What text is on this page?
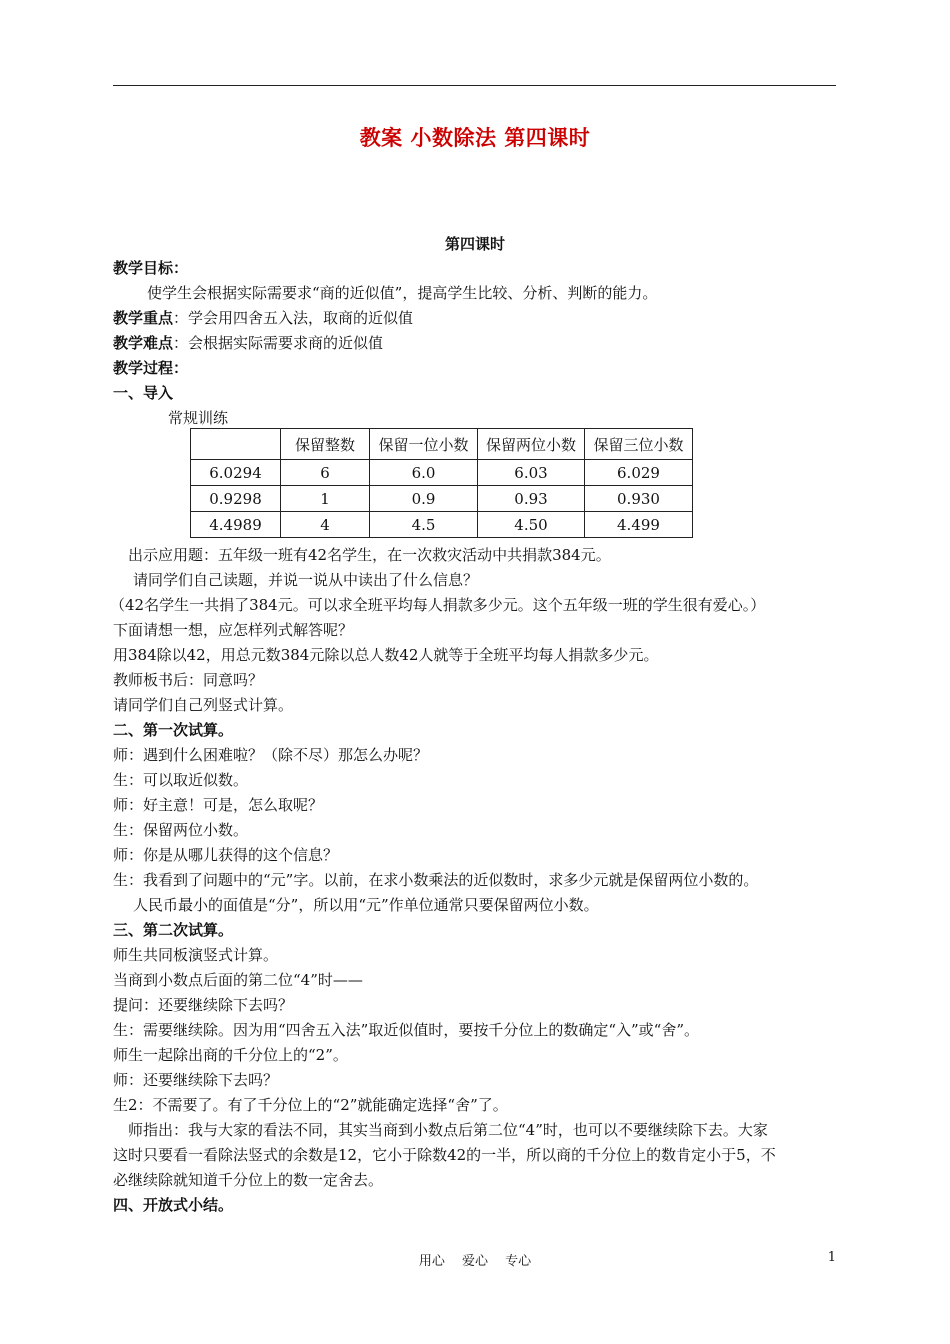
教案 小数除法 第四课时
第四课时
教学目标：
使学生会根据实际需要求“商的近似值”，提高学生比较、分析、判断的能力。
教学重点：学会用四舍五入法，取商的近似值
教学难点：会根据实际需要求商的近似值
教学过程：
一、导入
常规训练
	保留整数	保留一位小数	保留两位小数	保留三位小数
6.0294	6	6.0	6.03	6.029
0.9298	1	0.9	0.93	0.930
4.4989	4	4.5	4.50	4.499
出示应用题：五年级一班有42名学生，在一次救灾活动中共捐款384元。
请同学们自己读题，并说一说从中读出了什么信息？
（42名学生一共捐了384元。可以求全班平均每人捐款多少元。这个五年级一班的学生很有爱心。）
下面请想一想，应怎样列式解答呢？
用384除以42，用总元数384元除以总人数42人就等于全班平均每人捐款多少元。
教师板书后：同意吗？
请同学们自己列竖式计算。
二、第一次试算。
师：遇到什么困难啦？（除不尽）那怎么办呢？
生：可以取近似数。
师：好主意！可是，怎么取呢？
生：保留两位小数。
师：你是从哪儿获得的这个信息？
生：我看到了问题中的“元”字。以前，在求小数乘法的近似数时，求多少元就是保留两位小数的。
人民币最小的面值是“分”，所以用“元”作单位通常只要保留两位小数。
三、第二次试算。
师生共同板演竖式计算。
当商到小数点后面的第二位“4”时——
提问：还要继续除下去吗？
生：需要继续除。因为用“四舍五入法”取近似值时，要按千分位上的数确定“入”或“舍”。
师生一起除出商的千分位上的“2”。
师：还要继续除下去吗？
生2：不需要了。有了千分位上的“2”就能确定选择“舍”了。
师指出：我与大家的看法不同，其实当商到小数点后第二位“4”时，也可以不要继续除下去。大家
这时只要看一看除法竖式的余数是12，它小于除数42的一半，所以商的千分位上的数肯定小于5，不
必继续除就知道千分位上的数一定舍去。
四、开放式小结。
用心　 爱心　 专心	1
